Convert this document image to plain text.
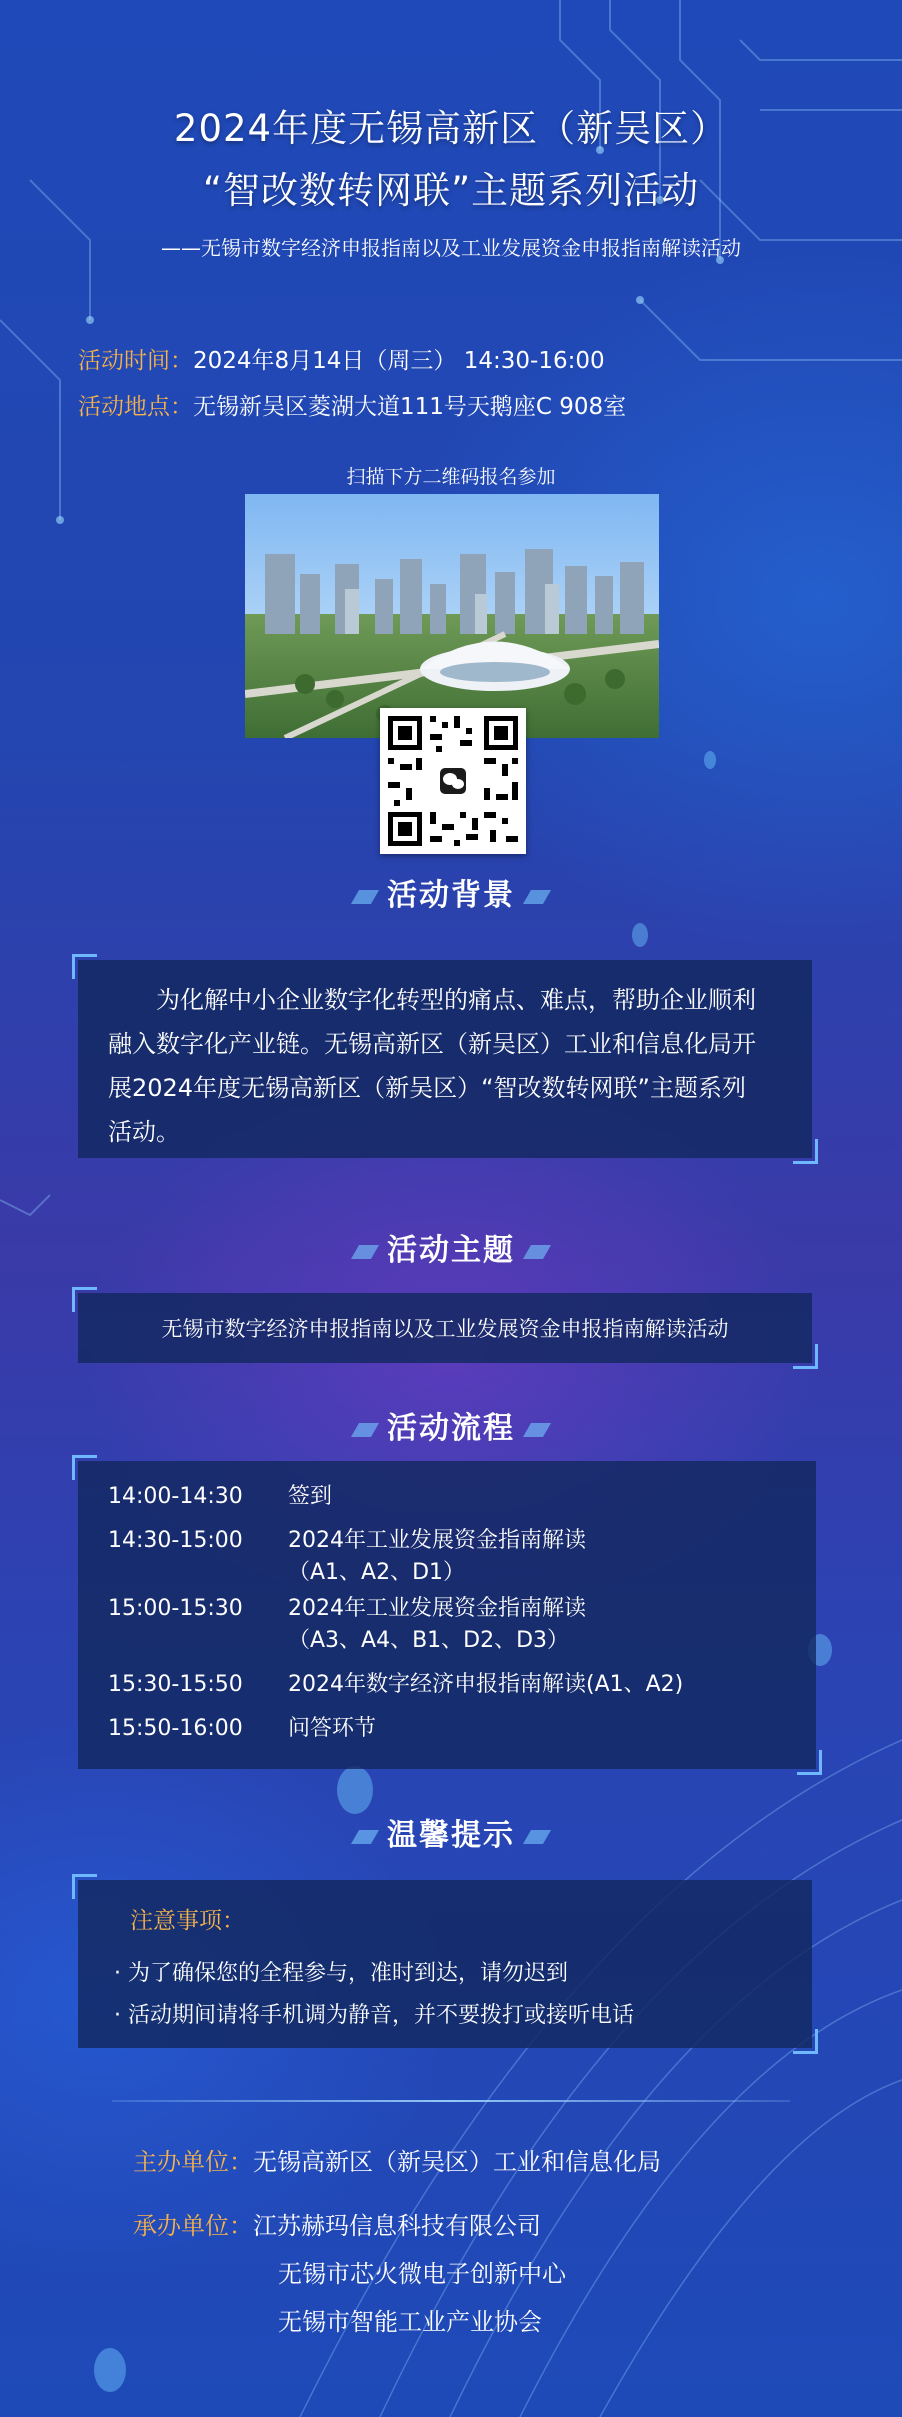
2024年度无锡高新区（新吴区）
“智改数转网联”主题系列活动
——无锡市数字经济申报指南以及工业发展资金申报指南解读活动
活动时间：2024年8月14日（周三） 14:30-16:00
活动地点：无锡新吴区菱湖大道111号天鹅座C 908室
扫描下方二维码报名参加
活动背景
为化解中小企业数字化转型的痛点、难点，帮助企业顺利融入数字化产业链。无锡高新区（新吴区）工业和信息化局开展2024年度无锡高新区（新吴区）“智改数转网联”主题系列活动。
活动主题
无锡市数字经济申报指南以及工业发展资金申报指南解读活动
活动流程
14:00-14:30 签到
14:30-15:00 2024年工业发展资金指南解读
（A1、A2、D1）
15:00-15:30 2024年工业发展资金指南解读
（A3、A4、B1、D2、D3）
15:30-15:50 2024年数字经济申报指南解读(A1、A2)
15:50-16:00 问答环节
温馨提示
注意事项：
· 为了确保您的全程参与，准时到达，请勿迟到
· 活动期间请将手机调为静音，并不要拨打或接听电话
主办单位：无锡高新区（新吴区）工业和信息化局
承办单位：江苏赫玛信息科技有限公司
无锡市芯火微电子创新中心
无锡市智能工业产业协会
